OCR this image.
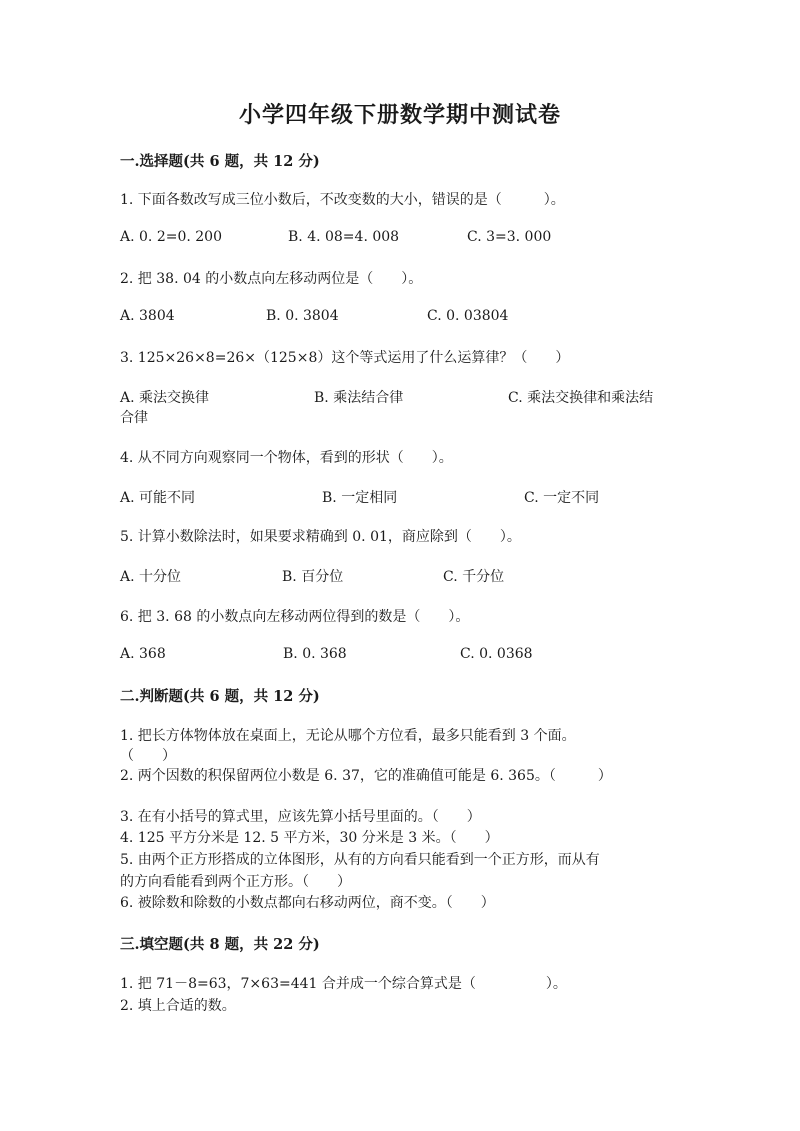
小学四年级下册数学期中测试卷
一.选择题(共 6 题，共 12 分)
1. 下面各数改写成三位小数后，不改变数的大小，错误的是（　　　）。
A. 0. 2=0. 200	B. 4. 08=4. 008	C. 3=3. 000
2. 把 38. 04 的小数点向左移动两位是（　　）。
A. 3804	B. 0. 3804	C. 0. 03804
3. 125×26×8=26×（125×8）这个等式运用了什么运算律？（　　）
A. 乘法交换律	B. 乘法结合律	C. 乘法交换律和乘法结
合律
4. 从不同方向观察同一个物体，看到的形状（　　）。
A. 可能不同	B. 一定相同	C. 一定不同
5. 计算小数除法时，如果要求精确到 0. 01，商应除到（　　）。
A. 十分位	B. 百分位	C. 千分位
6. 把 3. 68 的小数点向左移动两位得到的数是（　　）。
A. 368	B. 0. 368	C. 0. 0368
二.判断题(共 6 题，共 12 分)
1. 把长方体物体放在桌面上，无论从哪个方位看，最多只能看到 3 个面。
（　　）
2. 两个因数的积保留两位小数是 6. 37，它的准确值可能是 6. 365。（　　　）
3. 在有小括号的算式里，应该先算小括号里面的。（　　）
4. 125 平方分米是 12. 5 平方米，30 分米是 3 米。（　　）
5. 由两个正方形搭成的立体图形，从有的方向看只能看到一个正方形，而从有
的方向看能看到两个正方形。（　　）
6. 被除数和除数的小数点都向右移动两位，商不变。（　　）
三.填空题(共 8 题，共 22 分)
1. 把 71－8=63，7×63=441 合并成一个综合算式是（　　　　　）。
2. 填上合适的数。
